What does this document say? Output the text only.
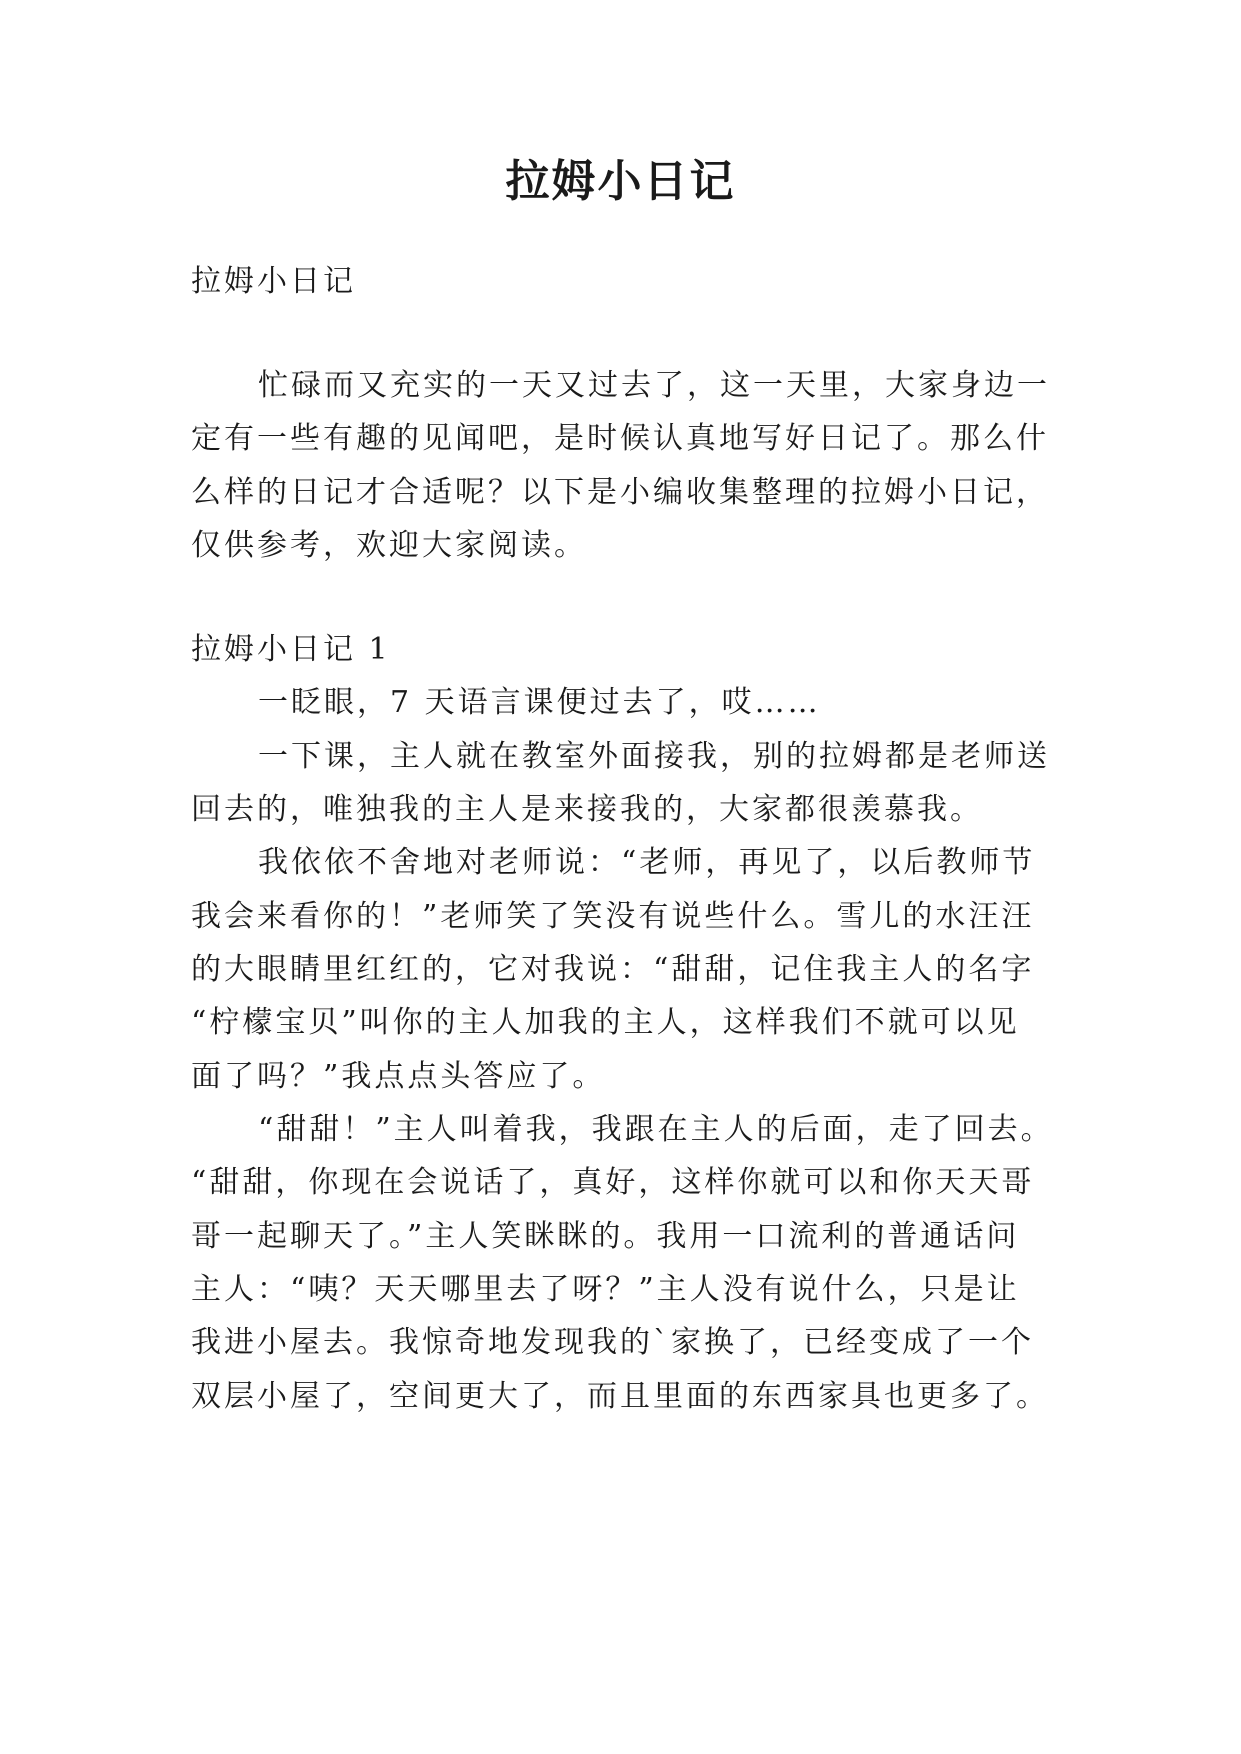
拉姆小日记
拉姆小日记
忙碌而又充实的一天又过去了，这一天里，大家身边一
定有一些有趣的见闻吧，是时候认真地写好日记了。那么什
么样的日记才合适呢？以下是小编收集整理的拉姆小日记，
仅供参考，欢迎大家阅读。
拉姆小日记 1
一眨眼，7 天语言课便过去了，哎……
一下课，主人就在教室外面接我，别的拉姆都是老师送
回去的，唯独我的主人是来接我的，大家都很羡慕我。
我依依不舍地对老师说：“老师，再见了，以后教师节
我会来看你的！”老师笑了笑没有说些什么。雪儿的水汪汪
的大眼睛里红红的，它对我说：“甜甜，记住我主人的名字
“柠檬宝贝”叫你的主人加我的主人，这样我们不就可以见
面了吗？”我点点头答应了。
“甜甜！”主人叫着我，我跟在主人的后面，走了回去。
“甜甜，你现在会说话了，真好，这样你就可以和你天天哥
哥一起聊天了。”主人笑眯眯的。我用一口流利的普通话问
主人：“咦？天天哪里去了呀？”主人没有说什么，只是让
我进小屋去。我惊奇地发现我的`家换了，已经变成了一个
双层小屋了，空间更大了，而且里面的东西家具也更多了。
